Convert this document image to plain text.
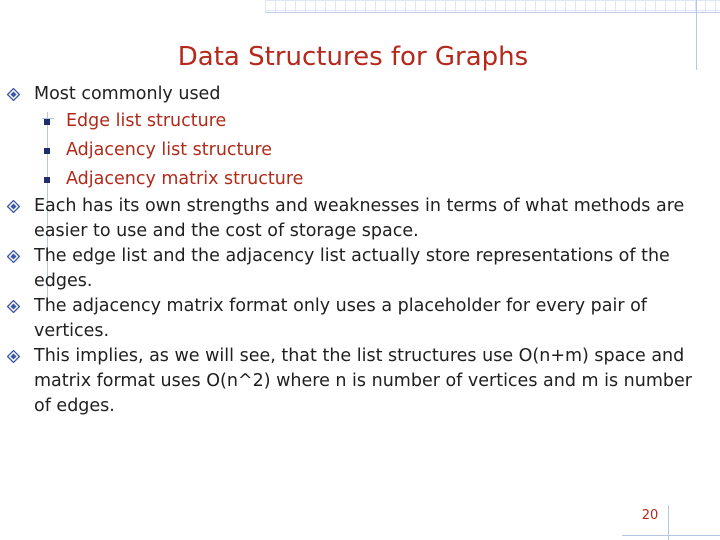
Data Structures for Graphs
Most commonly used
Edge list structure
Adjacency list structure
Adjacency matrix structure
Each has its own strengths and weaknesses in terms of what methods are easier to use and the cost of storage space.
The edge list and the adjacency list actually store representations of the edges.
The adjacency matrix format only uses a placeholder for every pair of vertices.
This implies, as we will see, that the list structures use O(n+m) space and matrix format uses O(n^2) where n is number of vertices and m is number of edges.
20
